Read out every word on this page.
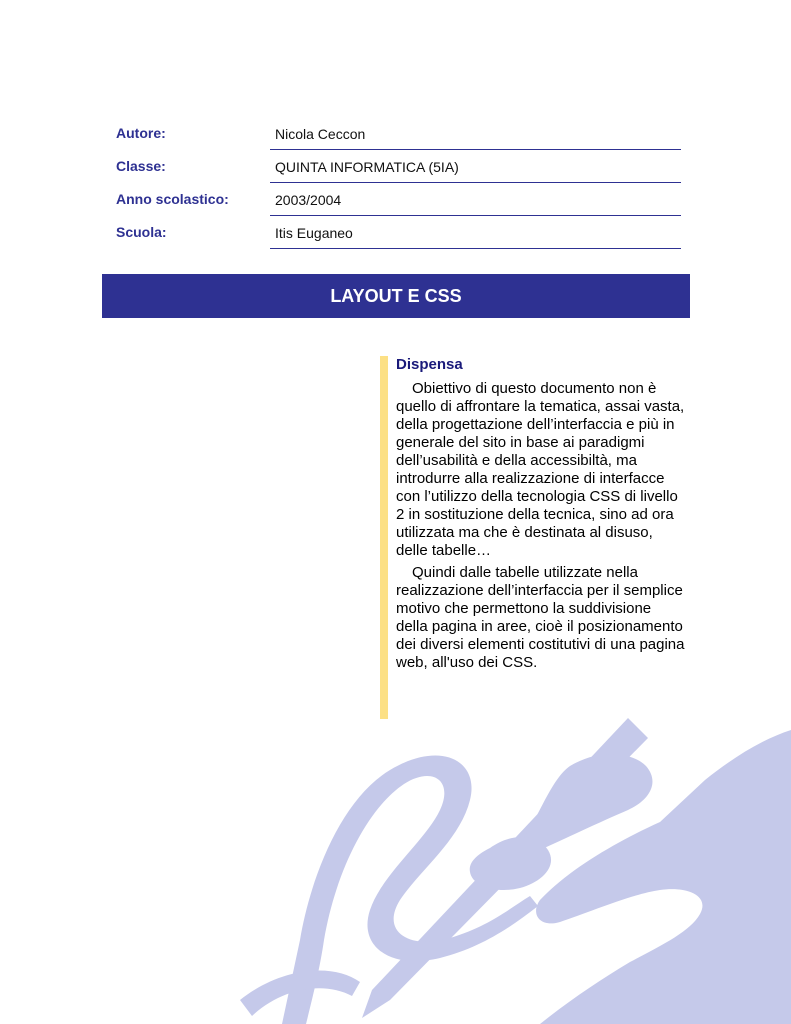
Autore:	Nicola Ceccon
Classe:	QUINTA INFORMATICA (5IA)
Anno scolastico:	2003/2004
Scuola:	Itis Euganeo
LAYOUT E CSS
Dispensa

Obiettivo di questo documento non è quello di affrontare la tematica, assai vasta, della progettazione dell’interfaccia e più in generale del sito in base ai paradigmi dell’usabilità e della accessibiltà, ma introdurre alla realizzazione di interfacce con l’utilizzo della tecnologia CSS di livello 2 in sostituzione della tecnica, sino ad ora utilizzata ma che è destinata al disuso, delle tabelle…

Quindi dalle tabelle utilizzate nella realizzazione dell’interfaccia per il semplice motivo che permettono la suddivisione della pagina in aree, cioè il posizionamento dei diversi elementi costitutivi di una pagina web, all'uso dei CSS.
